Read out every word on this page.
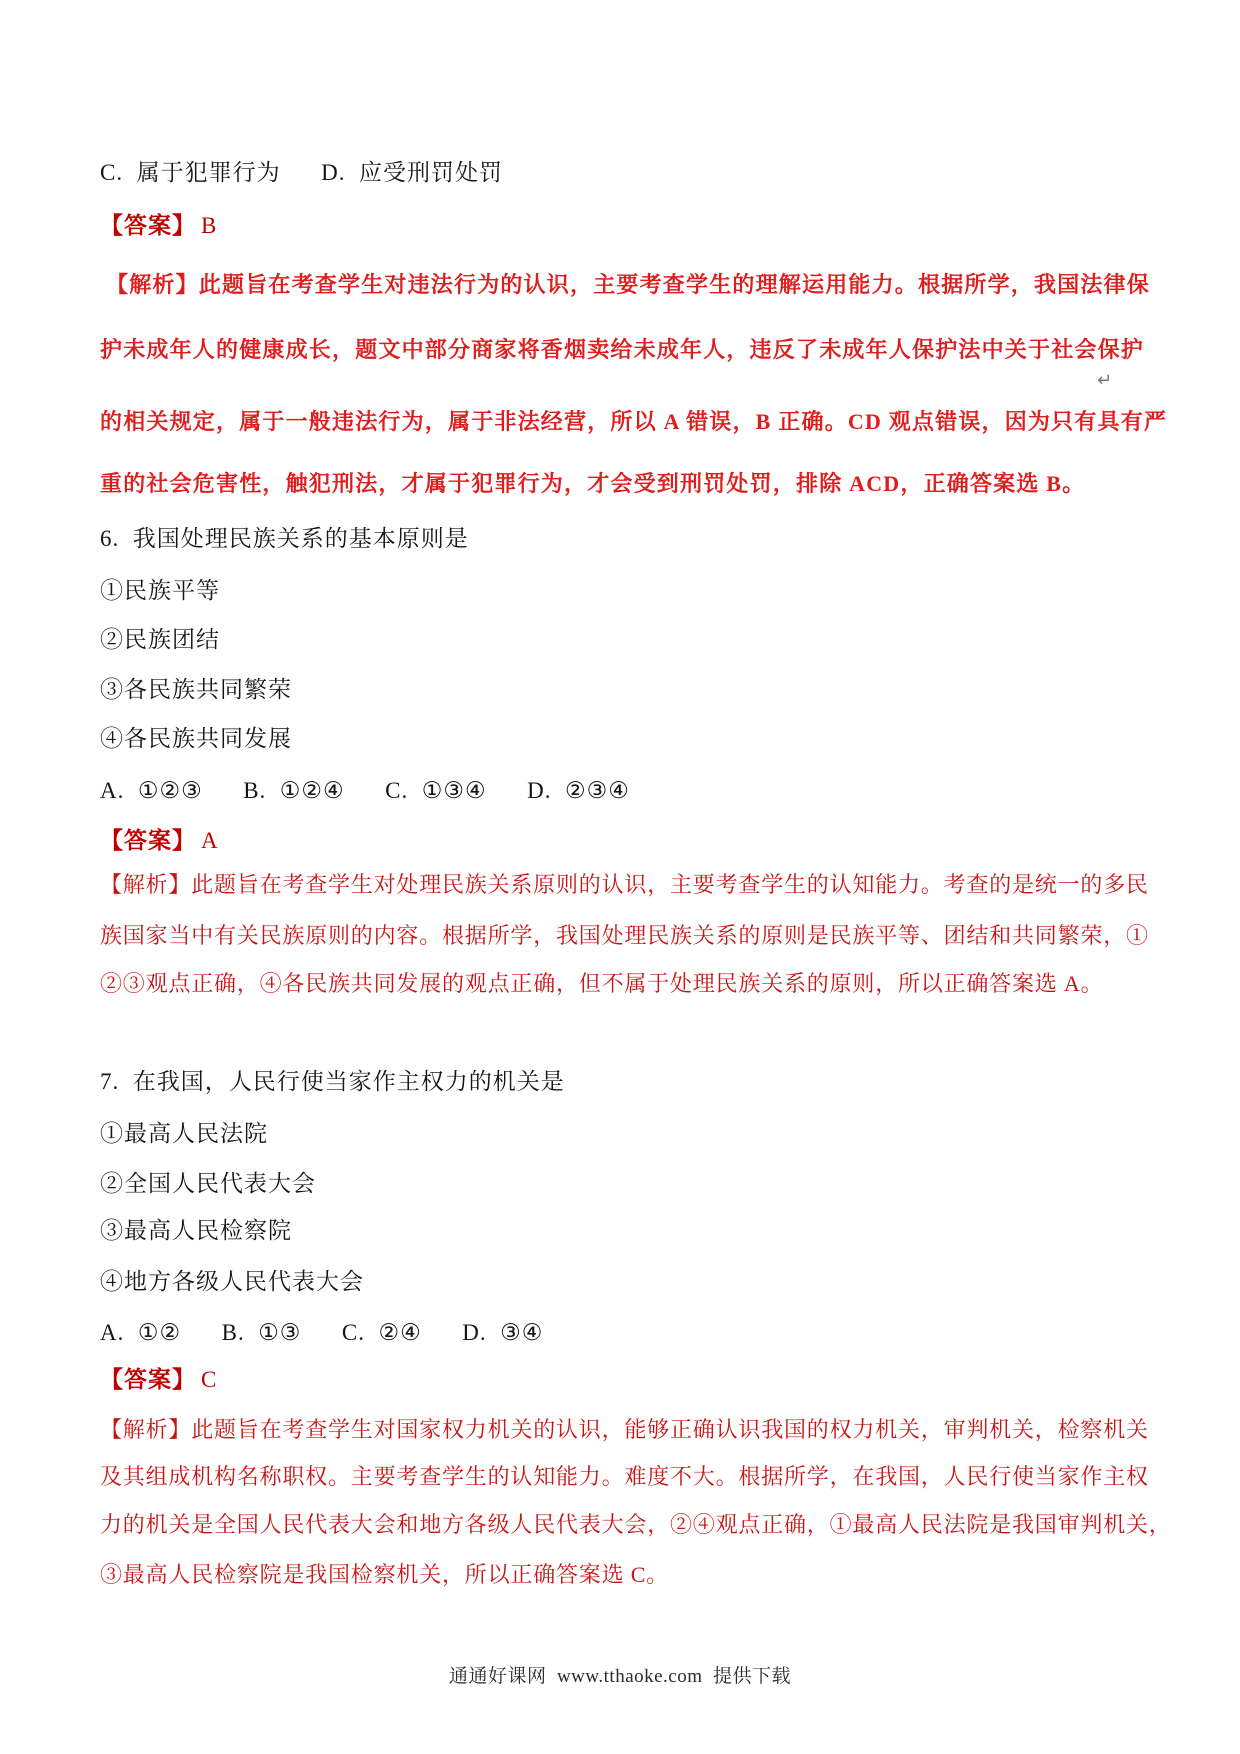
C.  属于犯罪行为      D.  应受刑罚处罚
【答案】 B
【解析】此题旨在考查学生对违法行为的认识，主要考查学生的理解运用能力。根据所学，我国法律保
护未成年人的健康成长，题文中部分商家将香烟卖给未成年人，违反了未成年人保护法中关于社会保护
的相关规定，属于一般违法行为，属于非法经营，所以 A 错误，B 正确。CD 观点错误，因为只有具有严
重的社会危害性，触犯刑法，才属于犯罪行为，才会受到刑罚处罚，排除 ACD，正确答案选 B。
↵
6.  我国处理民族关系的基本原则是
①民族平等
②民族团结
③各民族共同繁荣
④各民族共同发展
A.  ①②③      B.  ①②④      C.  ①③④      D.  ②③④
【答案】 A
【解析】此题旨在考查学生对处理民族关系原则的认识，主要考查学生的认知能力。考查的是统一的多民
族国家当中有关民族原则的内容。根据所学，我国处理民族关系的原则是民族平等、团结和共同繁荣，①
②③观点正确，④各民族共同发展的观点正确，但不属于处理民族关系的原则，所以正确答案选 A。
7.  在我国，人民行使当家作主权力的机关是
①最高人民法院
②全国人民代表大会
③最高人民检察院
④地方各级人民代表大会
A.  ①②      B.  ①③      C.  ②④      D.  ③④
【答案】 C
【解析】此题旨在考查学生对国家权力机关的认识，能够正确认识我国的权力机关，审判机关，检察机关
及其组成机构名称职权。主要考查学生的认知能力。难度不大。根据所学，在我国，人民行使当家作主权
力的机关是全国人民代表大会和地方各级人民代表大会，②④观点正确，①最高人民法院是我国审判机关，
③最高人民检察院是我国检察机关，所以正确答案选 C。
通通好课网  www.tthaoke.com  提供下载
